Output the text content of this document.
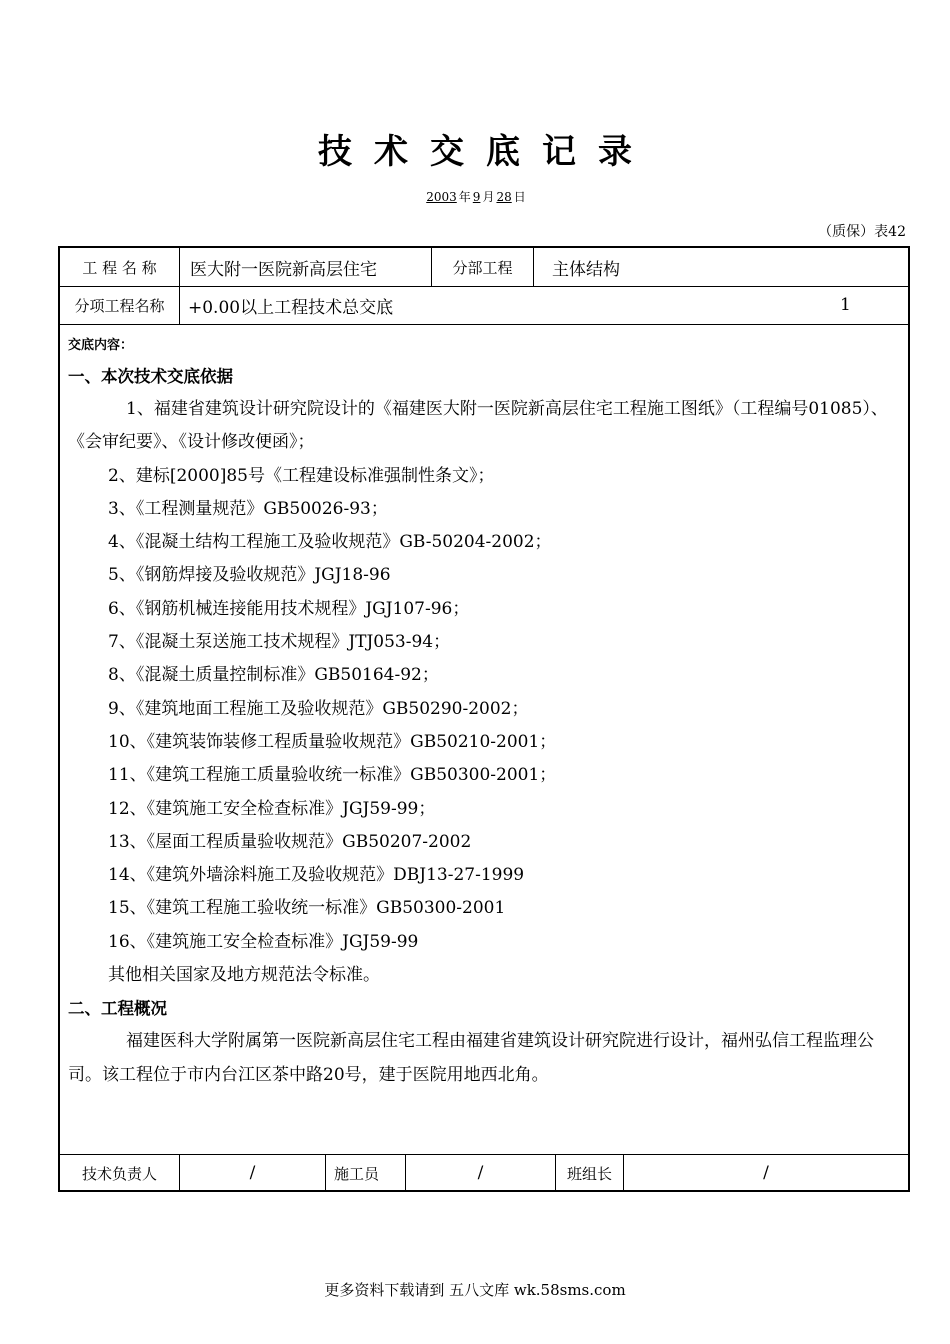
技术交底记录
2003 年 9 月 28 日
（质保）表42
工 程 名 称	医大附一医院新高层住宅	分部工程	主体结构
分项工程名称	+0.00以上工程技术总交底	1
交底内容：
一、本次技术交底依据
1、福建省建筑设计研究院设计的《福建医大附一医院新高层住宅工程施工图纸》（工程编号01085）、《会审纪要》、《设计修改便函》；
2、建标[2000]85号《工程建设标准强制性条文》；
3、《工程测量规范》GB50026-93；
4、《混凝土结构工程施工及验收规范》GB-50204-2002；
5、《钢筋焊接及验收规范》JGJ18-96
6、《钢筋机械连接能用技术规程》JGJ107-96；
7、《混凝土泵送施工技术规程》JTJ053-94；
8、《混凝土质量控制标准》GB50164-92；
9、《建筑地面工程施工及验收规范》GB50290-2002；
10、《建筑装饰装修工程质量验收规范》GB50210-2001；
11、《建筑工程施工质量验收统一标准》GB50300-2001；
12、《建筑施工安全检查标准》JGJ59-99；
13、《屋面工程质量验收规范》GB50207-2002
14、《建筑外墙涂料施工及验收规范》DBJ13-27-1999
15、《建筑工程施工验收统一标准》GB50300-2001
16、《建筑施工安全检查标准》JGJ59-99
其他相关国家及地方规范法令标准。
二、工程概况
福建医科大学附属第一医院新高层住宅工程由福建省建筑设计研究院进行设计，福州弘信工程监理公司。该工程位于市内台江区茶中路20号，建于医院用地西北角。
技术负责人	/	施工员	/	班组长	/
更多资料下载请到 五八文库 wk.58sms.com
